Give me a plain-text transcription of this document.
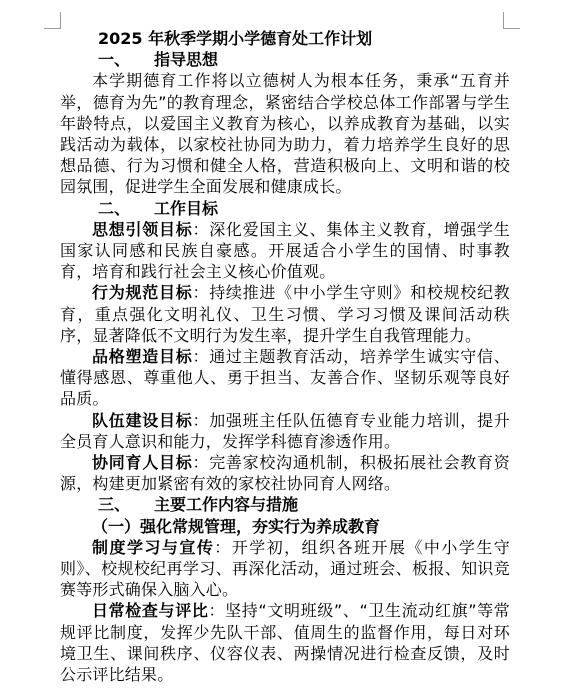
2025 年秋季学期小学德育处工作计划
一、 指导思想
本学期德育工作将以立德树人为根本任务，秉承“五育并举，德育为先”的教育理念，紧密结合学校总体工作部署与学生年龄特点，以爱国主义教育为核心，以养成教育为基础，以实践活动为载体，以家校社协同为助力，着力培养学生良好的思想品德、行为习惯和健全人格，营造积极向上、文明和谐的校园氛围，促进学生全面发展和健康成长。
二、 工作目标
思想引领目标：深化爱国主义、集体主义教育，增强学生国家认同感和民族自豪感。开展适合小学生的国情、时事教育，培育和践行社会主义核心价值观。
行为规范目标：持续推进《中小学生守则》和校规校纪教育，重点强化文明礼仪、卫生习惯、学习习惯及课间活动秩序，显著降低不文明行为发生率，提升学生自我管理能力。
品格塑造目标：通过主题教育活动，培养学生诚实守信、懂得感恩、尊重他人、勇于担当、友善合作、坚韧乐观等良好品质。
队伍建设目标：加强班主任队伍德育专业能力培训，提升全员育人意识和能力，发挥学科德育渗透作用。
协同育人目标：完善家校沟通机制，积极拓展社会教育资源，构建更加紧密有效的家校社协同育人网络。
三、 主要工作内容与措施
（一）强化常规管理，夯实行为养成教育
制度学习与宣传：开学初，组织各班开展《中小学生守则》、校规校纪再学习、再深化活动，通过班会、板报、知识竞赛等形式确保入脑入心。
日常检查与评比：坚持“文明班级”、“卫生流动红旗”等常规评比制度，发挥少先队干部、值周生的监督作用，每日对环境卫生、课间秩序、仪容仪表、两操情况进行检查反馈，及时公示评比结果。
